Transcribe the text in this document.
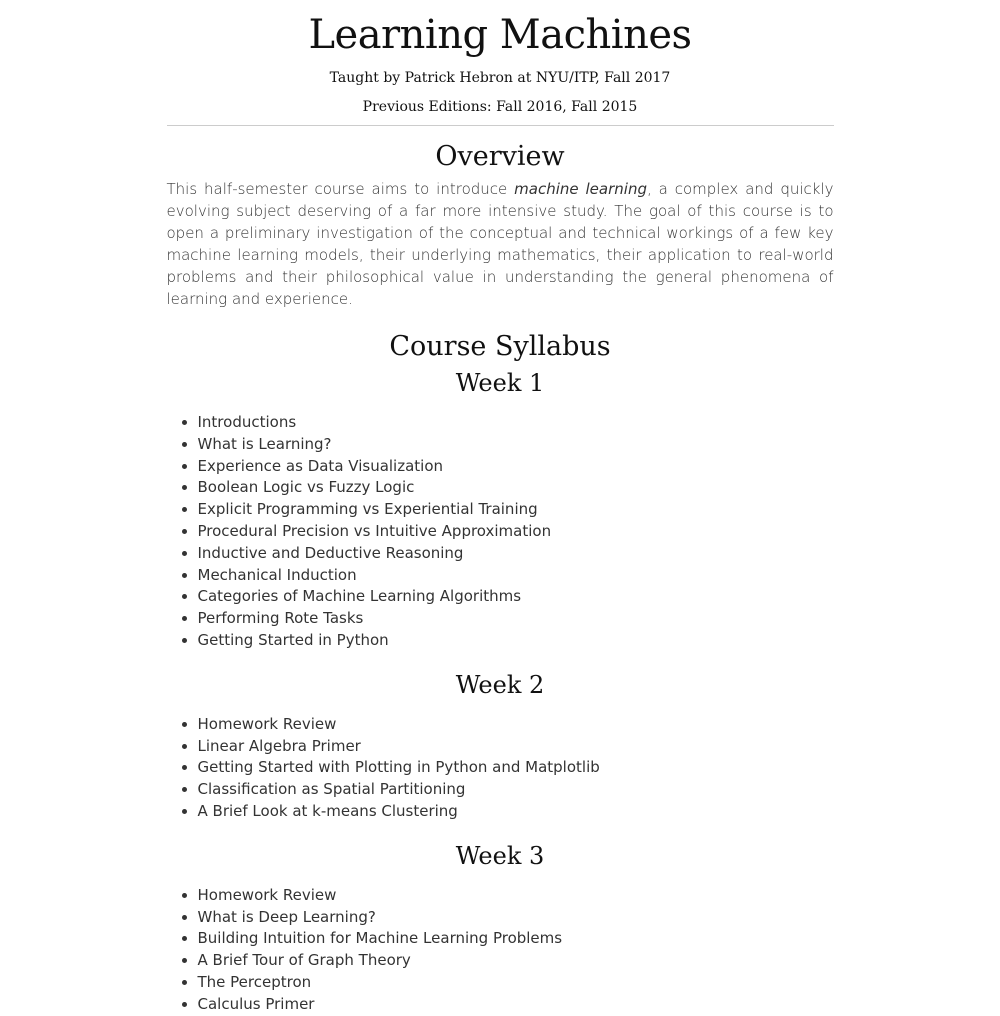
Learning Machines
Taught by Patrick Hebron at NYU/ITP, Fall 2017
Previous Editions: Fall 2016, Fall 2015
Overview

This half-semester course aims to introduce machine learning, a complex and quickly evolving subject deserving of a far more intensive study. The goal of this course is to open a preliminary investigation of the conceptual and technical workings of a few key machine learning models, their underlying mathematics, their application to real-world problems and their philosophical value in understanding the general phenomena of learning and experience.

Course Syllabus
Week 1
• Introductions
• What is Learning?
• Experience as Data Visualization
• Boolean Logic vs Fuzzy Logic
• Explicit Programming vs Experiential Training
• Procedural Precision vs Intuitive Approximation
• Inductive and Deductive Reasoning
• Mechanical Induction
• Categories of Machine Learning Algorithms
• Performing Rote Tasks
• Getting Started in Python
Week 2
• Homework Review
• Linear Algebra Primer
• Getting Started with Plotting in Python and Matplotlib
• Classification as Spatial Partitioning
• A Brief Look at k-means Clustering
Week 3
• Homework Review
• What is Deep Learning?
• Building Intuition for Machine Learning Problems
• A Brief Tour of Graph Theory
• The Perceptron
• Calculus Primer
